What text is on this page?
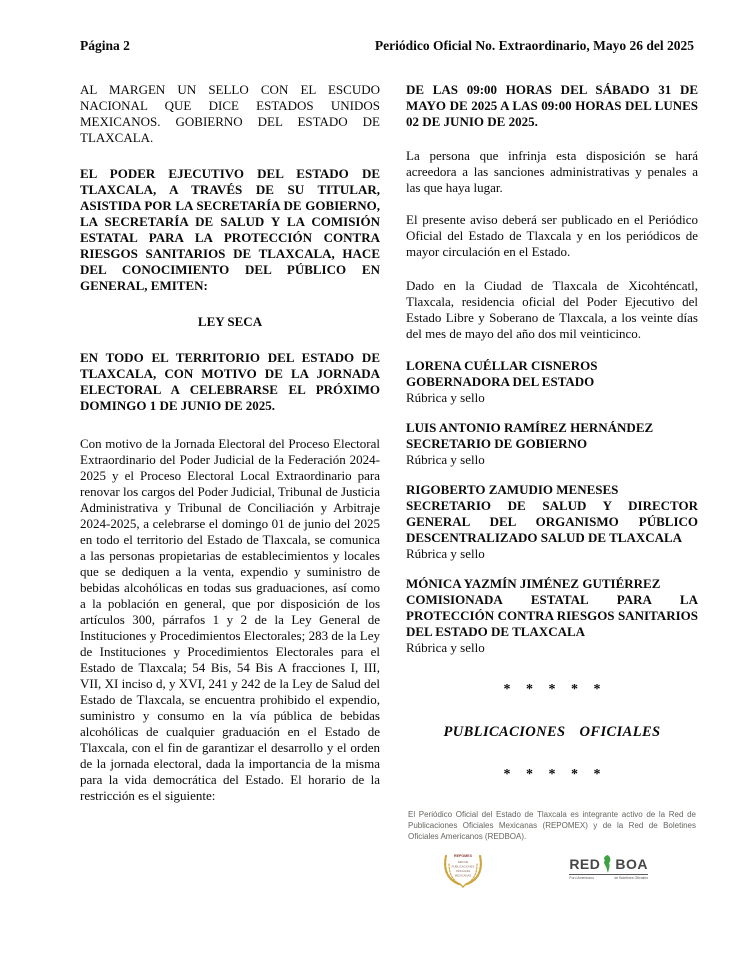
Página 2	Periódico Oficial No. Extraordinario, Mayo 26 del 2025

AL MARGEN UN SELLO CON EL ESCUDO NACIONAL QUE DICE ESTADOS UNIDOS MEXICANOS. GOBIERNO DEL ESTADO DE TLAXCALA.

EL PODER EJECUTIVO DEL ESTADO DE TLAXCALA, A TRAVÉS DE SU TITULAR, ASISTIDA POR LA SECRETARÍA DE GOBIERNO, LA SECRETARÍA DE SALUD Y LA COMISIÓN ESTATAL PARA LA PROTECCIÓN CONTRA RIESGOS SANITARIOS DE TLAXCALA, HACE DEL CONOCIMIENTO DEL PÚBLICO EN GENERAL, EMITEN:

LEY SECA

EN TODO EL TERRITORIO DEL ESTADO DE TLAXCALA, CON MOTIVO DE LA JORNADA ELECTORAL A CELEBRARSE EL PRÓXIMO DOMINGO 1 DE JUNIO DE 2025.

Con motivo de la Jornada Electoral del Proceso Electoral Extraordinario del Poder Judicial de la Federación 2024-2025 y el Proceso Electoral Local Extraordinario para renovar los cargos del Poder Judicial, Tribunal de Justicia Administrativa y Tribunal de Conciliación y Arbitraje 2024-2025, a celebrarse el domingo 01 de junio del 2025 en todo el territorio del Estado de Tlaxcala, se comunica a las personas propietarias de establecimientos y locales que se dediquen a la venta, expendio y suministro de bebidas alcohólicas en todas sus graduaciones, así como a la población en general, que por disposición de los artículos 300, párrafos 1 y 2 de la Ley General de Instituciones y Procedimientos Electorales; 283 de la Ley de Instituciones y Procedimientos Electorales para el Estado de Tlaxcala; 54 Bis, 54 Bis A fracciones I, III, VII, XI inciso d, y XVI, 241 y 242 de la Ley de Salud del Estado de Tlaxcala, se encuentra prohibido el expendio, suministro y consumo en la vía pública de bebidas alcohólicas de cualquier graduación en el Estado de Tlaxcala, con el fin de garantizar el desarrollo y el orden de la jornada electoral, dada la importancia de la misma para la vida democrática del Estado. El horario de la restricción es el siguiente:

DE LAS 09:00 HORAS DEL SÁBADO 31 DE MAYO DE 2025 A LAS 09:00 HORAS DEL LUNES 02 DE JUNIO DE 2025.

La persona que infrinja esta disposición se hará acreedora a las sanciones administrativas y penales a las que haya lugar.

El presente aviso deberá ser publicado en el Periódico Oficial del Estado de Tlaxcala y en los periódicos de mayor circulación en el Estado.

Dado en la Ciudad de Tlaxcala de Xicohténcatl, Tlaxcala, residencia oficial del Poder Ejecutivo del Estado Libre y Soberano de Tlaxcala, a los veinte días del mes de mayo del año dos mil veinticinco.

LORENA CUÉLLAR CISNEROS
GOBERNADORA DEL ESTADO
Rúbrica y sello
LUIS ANTONIO RAMÍREZ HERNÁNDEZ
SECRETARIO DE GOBIERNO
Rúbrica y sello
RIGOBERTO ZAMUDIO MENESES
SECRETARIO DE SALUD Y DIRECTOR GENERAL DEL ORGANISMO PÚBLICO DESCENTRALIZADO SALUD DE TLAXCALA
Rúbrica y sello
MÓNICA YAZMÍN JIMÉNEZ GUTIÉRREZ
COMISIONADA ESTATAL PARA LA PROTECCIÓN CONTRA RIESGOS SANITARIOS DEL ESTADO DE TLAXCALA
Rúbrica y sello
* * * * *
PUBLICACIONES OFICIALES
* * * * *
El Periódico Oficial del Estado de Tlaxcala es integrante activo de la Red de Publicaciones Oficiales Mexicanas (REPOMEX) y de la Red de Boletines Oficiales Americanos (REDBOA).
REPOMEX
RED DE
PUBLICACIONES
OFICIALES
MEXICANAS
RED BOA
Foro Americano	de Boletines Oficiales
